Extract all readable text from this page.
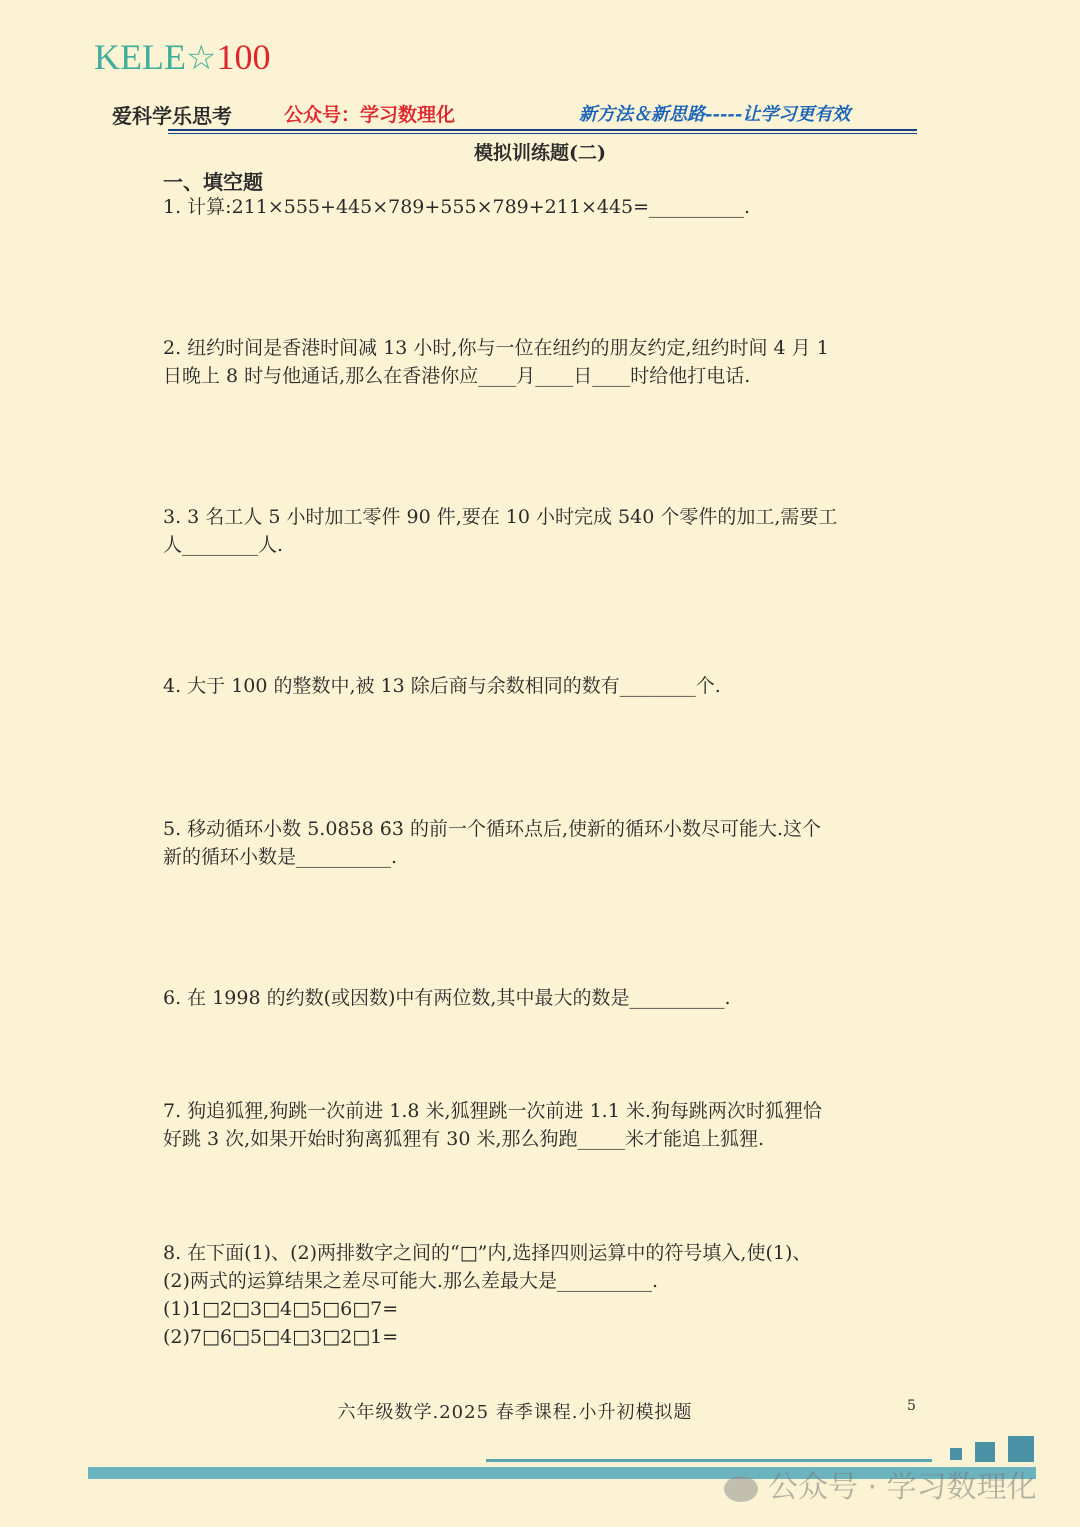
KELE☆100
爱科学乐思考	公众号：学习数理化	新方法＆新思路-----让学习更有效
模拟训练题(二)
一、填空题

1. 计算:211×555+445×789+555×789+211×445=__________.

2. 纽约时间是香港时间减 13 小时,你与一位在纽约的朋友约定,纽约时间 4 月 1

日晚上 8 时与他通话,那么在香港你应____月____日____时给他打电话.

3. 3 名工人 5 小时加工零件 90 件,要在 10 小时完成 540 个零件的加工,需要工

人________人.

4. 大于 100 的整数中,被 13 除后商与余数相同的数有________个.

5. 移动循环小数 5.0858 6̇3̇ 的前一个循环点后,使新的循环小数尽可能大.这个

新的循环小数是__________.

6. 在 1998 的约数(或因数)中有两位数,其中最大的数是__________.

7. 狗追狐狸,狗跳一次前进 1.8 米,狐狸跳一次前进 1.1 米.狗每跳两次时狐狸恰

好跳 3 次,如果开始时狗离狐狸有 30 米,那么狗跑_____米才能追上狐狸.

8. 在下面(1)、(2)两排数字之间的“□”内,选择四则运算中的符号填入,使(1)、

(2)两式的运算结果之差尽可能大.那么差最大是__________.

(1)1□2□3□4□5□6□7=

(2)7□6□5□4□3□2□1=

六年级数学.2025 春季课程.小升初模拟题	5
公众号 · 学习数理化
